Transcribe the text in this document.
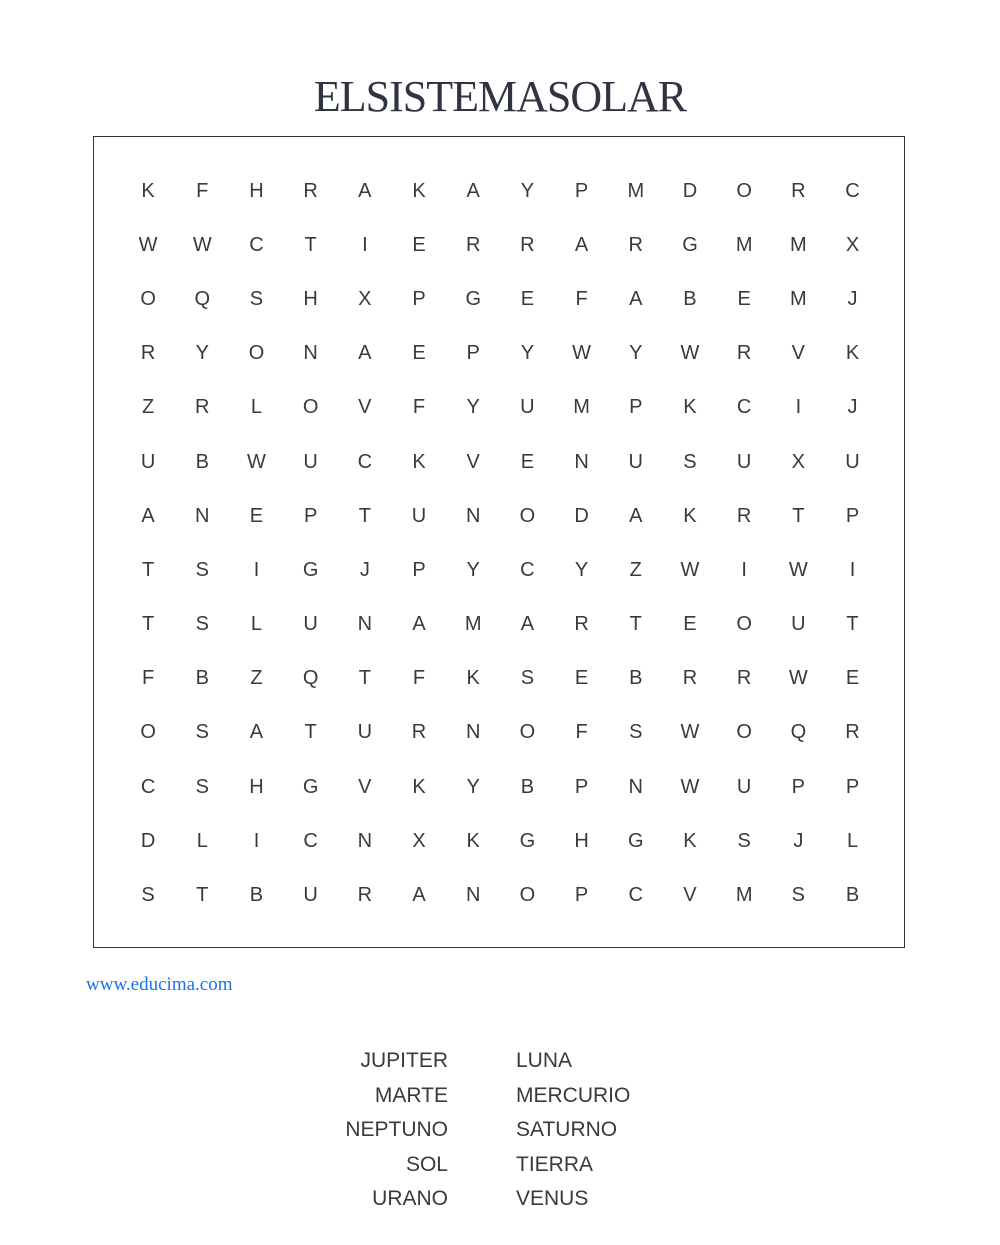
ELSISTEMASOLAR
K	F	H	R	A	K	A	Y	P	M	D	O	R	C
W	W	C	T	I	E	R	R	A	R	G	M	M	X
O	Q	S	H	X	P	G	E	F	A	B	E	M	J
R	Y	O	N	A	E	P	Y	W	Y	W	R	V	K
Z	R	L	O	V	F	Y	U	M	P	K	C	I	J
U	B	W	U	C	K	V	E	N	U	S	U	X	U
A	N	E	P	T	U	N	O	D	A	K	R	T	P
T	S	I	G	J	P	Y	C	Y	Z	W	I	W	I
T	S	L	U	N	A	M	A	R	T	E	O	U	T
F	B	Z	Q	T	F	K	S	E	B	R	R	W	E
O	S	A	T	U	R	N	O	F	S	W	O	Q	R
C	S	H	G	V	K	Y	B	P	N	W	U	P	P
D	L	I	C	N	X	K	G	H	G	K	S	J	L
S	T	B	U	R	A	N	O	P	C	V	M	S	B
www.educima.com
JUPITER
MARTE
NEPTUNO
SOL
URANO
LUNA
MERCURIO
SATURNO
TIERRA
VENUS
